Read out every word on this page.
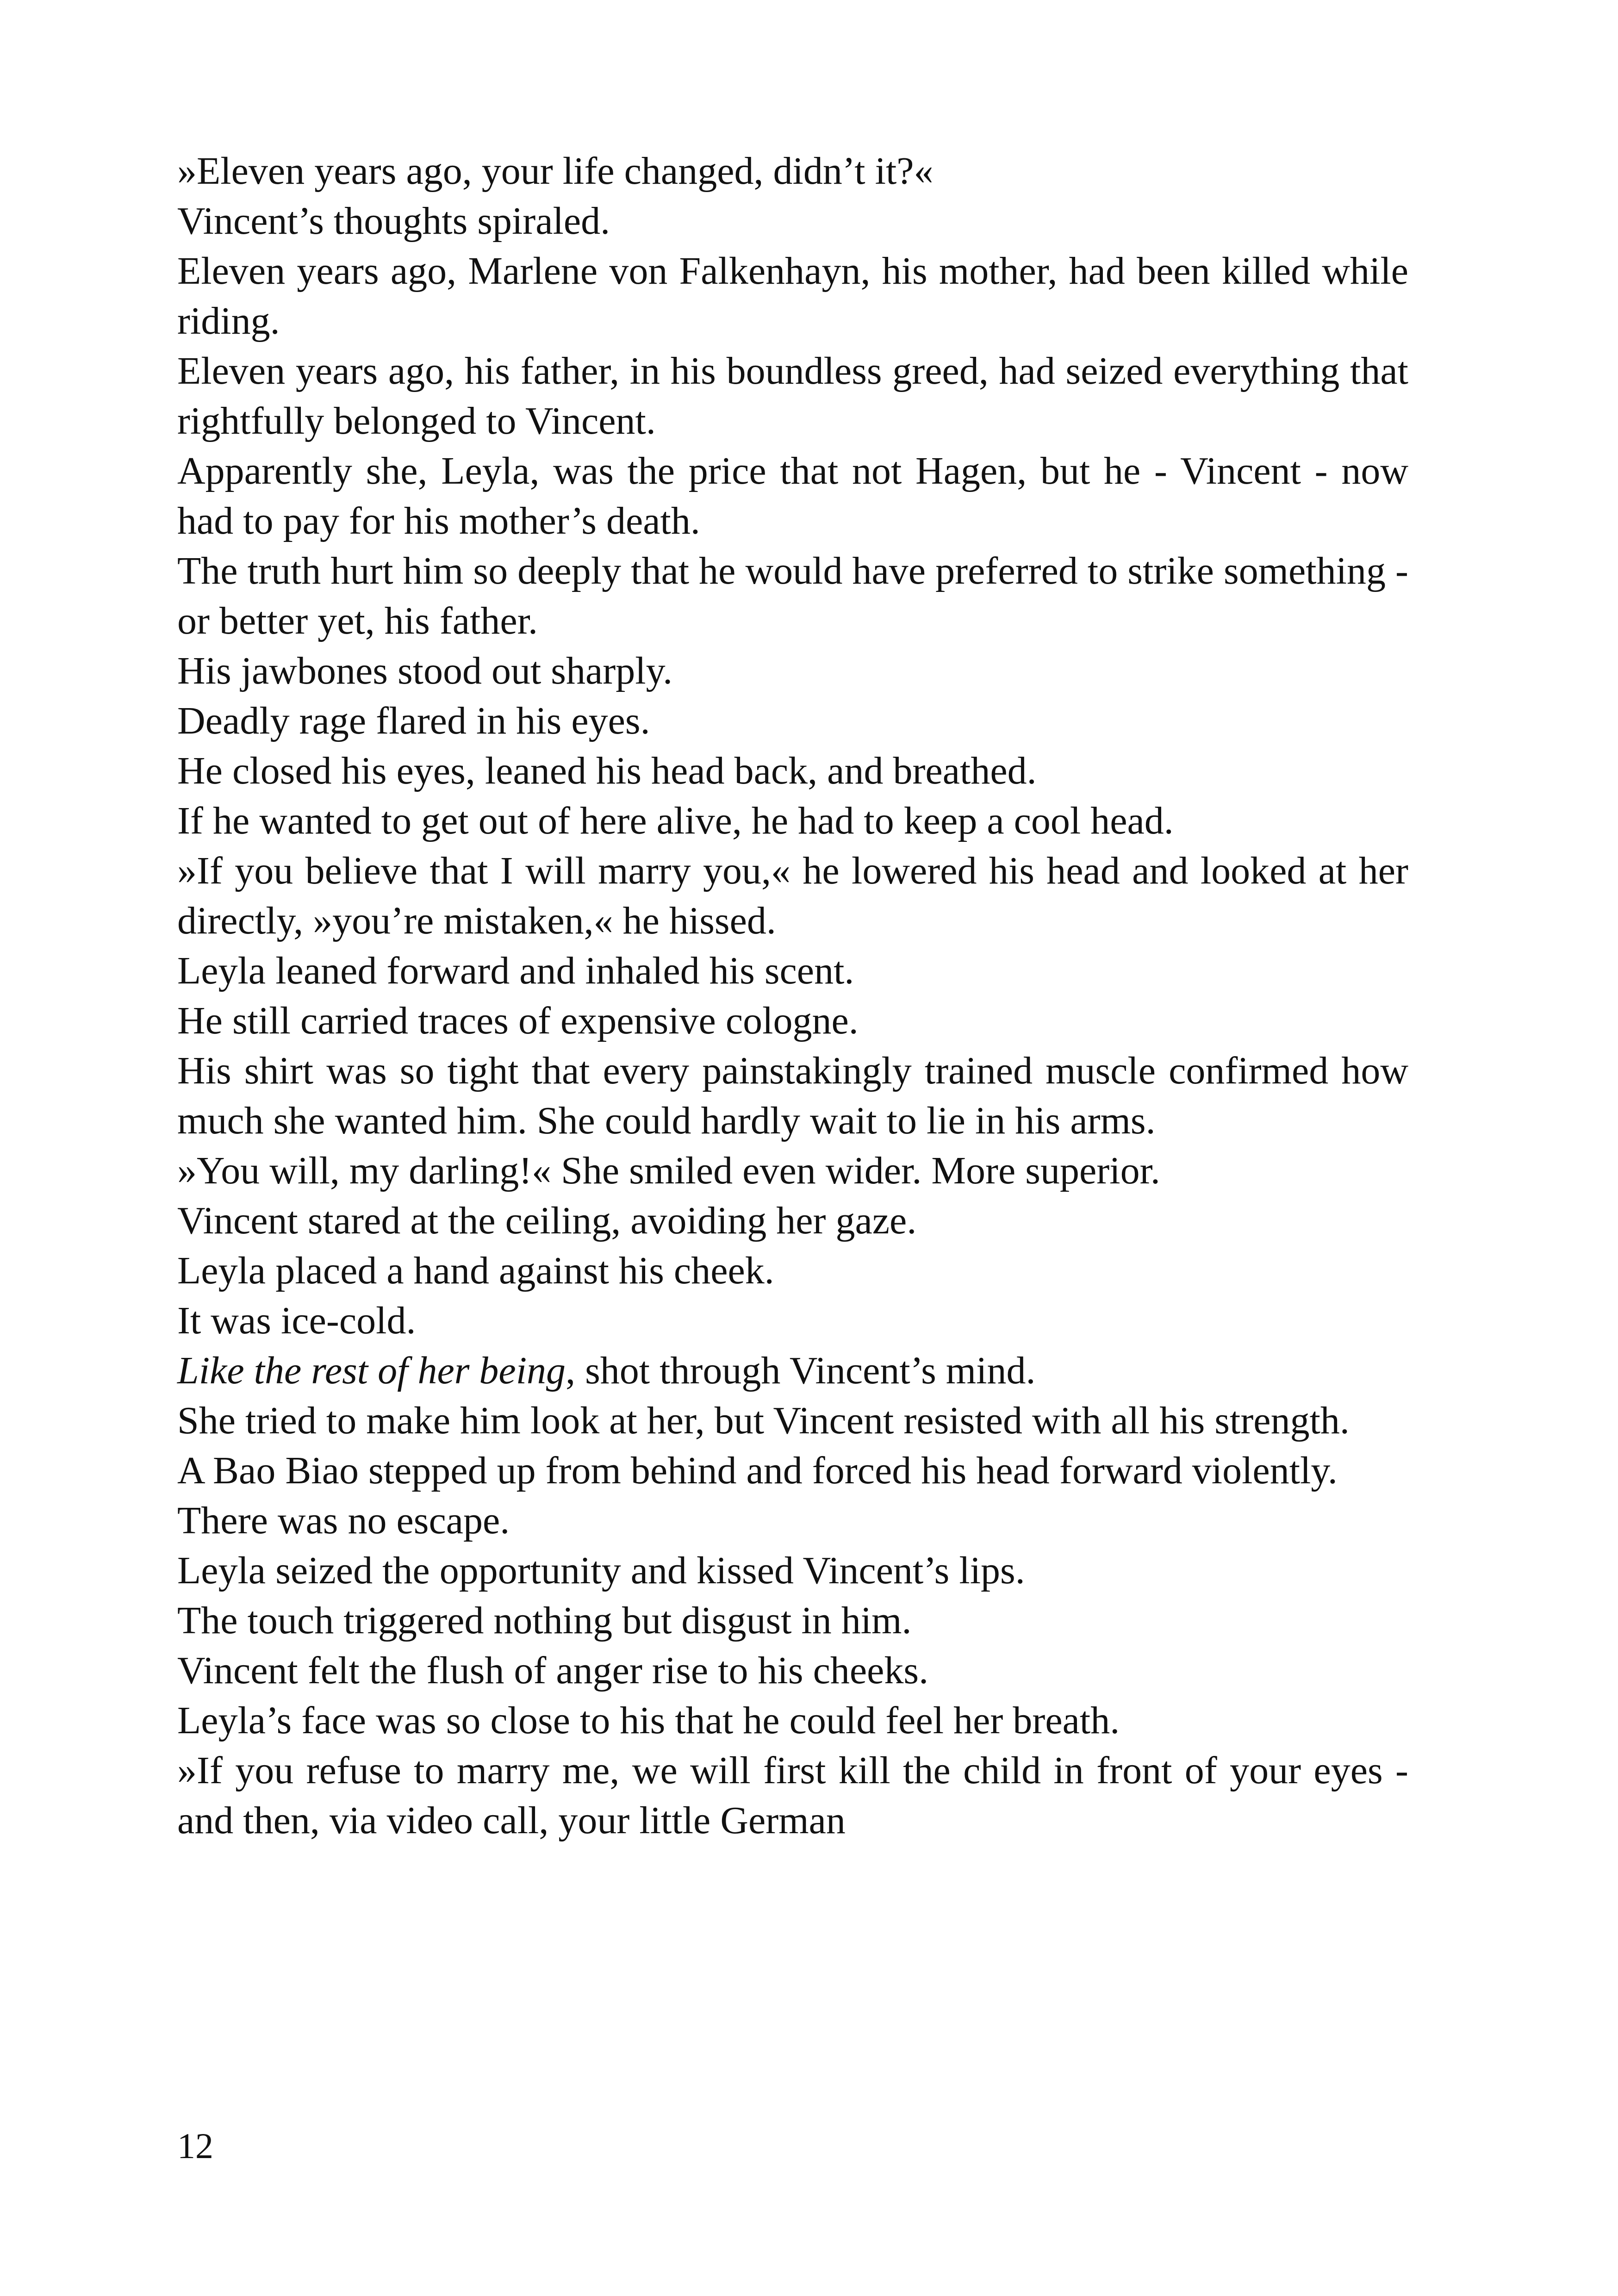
»Eleven years ago, your life changed, didn’t it?«

Vincent’s thoughts spiraled.

Eleven years ago, Marlene von Falkenhayn, his mother, had been killed while riding.

Eleven years ago, his father, in his boundless greed, had seized everything that rightfully belonged to Vincent.

Apparently she, Leyla, was the price that not Hagen, but he - Vincent - now had to pay for his mother’s death.

The truth hurt him so deeply that he would have preferred to strike something - or better yet, his father.

His jawbones stood out sharply.

Deadly rage flared in his eyes.

He closed his eyes, leaned his head back, and breathed.

If he wanted to get out of here alive, he had to keep a cool head.

»If you believe that I will marry you,« he lowered his head and looked at her directly, »you’re mistaken,« he hissed.

Leyla leaned forward and inhaled his scent.

He still carried traces of expensive cologne.

His shirt was so tight that every painstakingly trained muscle confirmed how much she wanted him. She could hardly wait to lie in his arms.

»You will, my darling!« She smiled even wider. More superior.

Vincent stared at the ceiling, avoiding her gaze.

Leyla placed a hand against his cheek.

It was ice-cold.

Like the rest of her being, shot through Vincent’s mind.

She tried to make him look at her, but Vincent resisted with all his strength.

A Bao Biao stepped up from behind and forced his head forward violently.

There was no escape.

Leyla seized the opportunity and kissed Vincent’s lips.

The touch triggered nothing but disgust in him.

Vincent felt the flush of anger rise to his cheeks.

Leyla’s face was so close to his that he could feel her breath.

»If you refuse to marry me, we will first kill the child in front of your eyes - and then, via video call, your little German

12
